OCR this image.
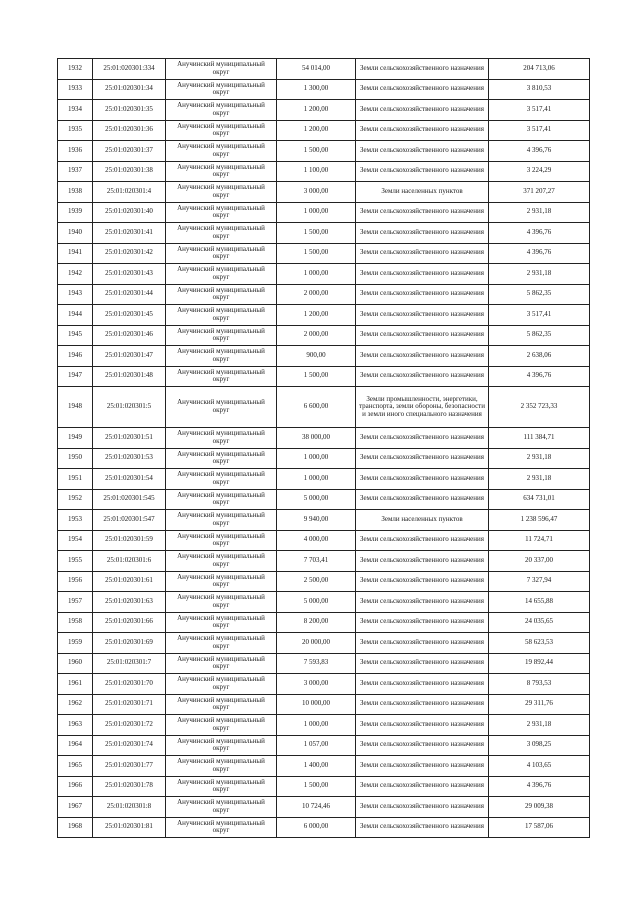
1932	25:01:020301:334	Анучинский муниципальный округ	54 014,00	Земли сельскохозяйственного назначения	204 713,06
1933	25:01:020301:34	Анучинский муниципальный округ	1 300,00	Земли сельскохозяйственного назначения	3 810,53
1934	25:01:020301:35	Анучинский муниципальный округ	1 200,00	Земли сельскохозяйственного назначения	3 517,41
1935	25:01:020301:36	Анучинский муниципальный округ	1 200,00	Земли сельскохозяйственного назначения	3 517,41
1936	25:01:020301:37	Анучинский муниципальный округ	1 500,00	Земли сельскохозяйственного назначения	4 396,76
1937	25:01:020301:38	Анучинский муниципальный округ	1 100,00	Земли сельскохозяйственного назначения	3 224,29
1938	25:01:020301:4	Анучинский муниципальный округ	3 000,00	Земли населенных пунктов	371 207,27
1939	25:01:020301:40	Анучинский муниципальный округ	1 000,00	Земли сельскохозяйственного назначения	2 931,18
1940	25:01:020301:41	Анучинский муниципальный округ	1 500,00	Земли сельскохозяйственного назначения	4 396,76
1941	25:01:020301:42	Анучинский муниципальный округ	1 500,00	Земли сельскохозяйственного назначения	4 396,76
1942	25:01:020301:43	Анучинский муниципальный округ	1 000,00	Земли сельскохозяйственного назначения	2 931,18
1943	25:01:020301:44	Анучинский муниципальный округ	2 000,00	Земли сельскохозяйственного назначения	5 862,35
1944	25:01:020301:45	Анучинский муниципальный округ	1 200,00	Земли сельскохозяйственного назначения	3 517,41
1945	25:01:020301:46	Анучинский муниципальный округ	2 000,00	Земли сельскохозяйственного назначения	5 862,35
1946	25:01:020301:47	Анучинский муниципальный округ	900,00	Земли сельскохозяйственного назначения	2 638,06
1947	25:01:020301:48	Анучинский муниципальный округ	1 500,00	Земли сельскохозяйственного назначения	4 396,76
1948	25:01:020301:5	Анучинский муниципальный округ	6 600,00	Земли промышленности, энергетики, транспорта, земли обороны, безопасности и земли иного специального назначения	2 352 723,33
1949	25:01:020301:51	Анучинский муниципальный округ	38 000,00	Земли сельскохозяйственного назначения	111 384,71
1950	25:01:020301:53	Анучинский муниципальный округ	1 000,00	Земли сельскохозяйственного назначения	2 931,18
1951	25:01:020301:54	Анучинский муниципальный округ	1 000,00	Земли сельскохозяйственного назначения	2 931,18
1952	25:01:020301:545	Анучинский муниципальный округ	5 000,00	Земли сельскохозяйственного назначения	634 731,01
1953	25:01:020301:547	Анучинский муниципальный округ	9 940,00	Земли населенных пунктов	1 238 596,47
1954	25:01:020301:59	Анучинский муниципальный округ	4 000,00	Земли сельскохозяйственного назначения	11 724,71
1955	25:01:020301:6	Анучинский муниципальный округ	7 703,41	Земли сельскохозяйственного назначения	20 337,00
1956	25:01:020301:61	Анучинский муниципальный округ	2 500,00	Земли сельскохозяйственного назначения	7 327,94
1957	25:01:020301:63	Анучинский муниципальный округ	5 000,00	Земли сельскохозяйственного назначения	14 655,88
1958	25:01:020301:66	Анучинский муниципальный округ	8 200,00	Земли сельскохозяйственного назначения	24 035,65
1959	25:01:020301:69	Анучинский муниципальный округ	20 000,00	Земли сельскохозяйственного назначения	58 623,53
1960	25:01:020301:7	Анучинский муниципальный округ	7 593,83	Земли сельскохозяйственного назначения	19 892,44
1961	25:01:020301:70	Анучинский муниципальный округ	3 000,00	Земли сельскохозяйственного назначения	8 793,53
1962	25:01:020301:71	Анучинский муниципальный округ	10 000,00	Земли сельскохозяйственного назначения	29 311,76
1963	25:01:020301:72	Анучинский муниципальный округ	1 000,00	Земли сельскохозяйственного назначения	2 931,18
1964	25:01:020301:74	Анучинский муниципальный округ	1 057,00	Земли сельскохозяйственного назначения	3 098,25
1965	25:01:020301:77	Анучинский муниципальный округ	1 400,00	Земли сельскохозяйственного назначения	4 103,65
1966	25:01:020301:78	Анучинский муниципальный округ	1 500,00	Земли сельскохозяйственного назначения	4 396,76
1967	25:01:020301:8	Анучинский муниципальный округ	10 724,46	Земли сельскохозяйственного назначения	29 009,38
1968	25:01:020301:81	Анучинский муниципальный округ	6 000,00	Земли сельскохозяйственного назначения	17 587,06
